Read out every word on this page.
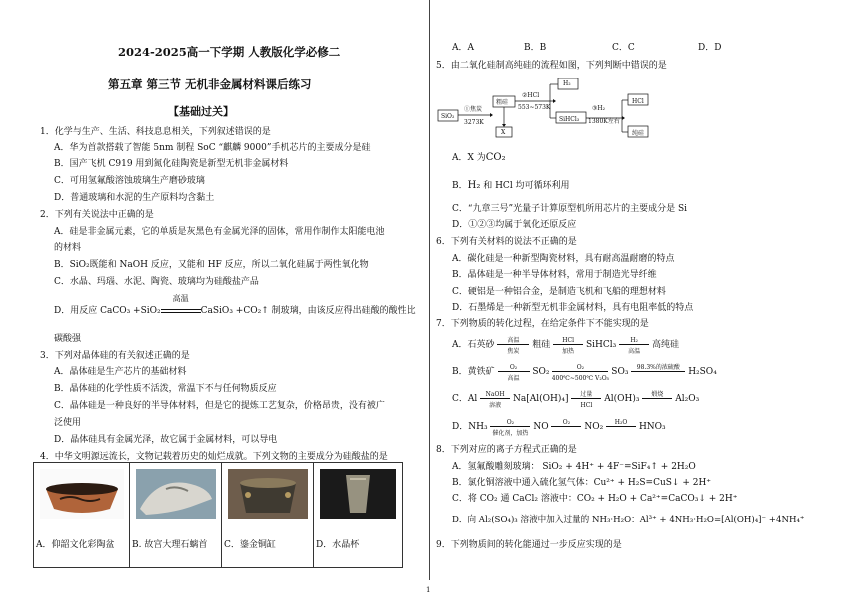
2024-2025高一下学期 人教版化学必修二
第五章 第三节 无机非金属材料课后练习
【基础过关】
1．化学与生产、生活、科技息息相关，下列叙述错误的是
A．华为首款搭载了智能 5nm 制程 SoC “麒麟 9000”手机芯片的主要成分是硅
B．国产飞机 C919 用到氮化硅陶瓷是新型无机非金属材料
C．可用氢氟酸溶蚀玻璃生产磨砂玻璃
D．普通玻璃和水泥的生产原料均含黏土
2．下列有关说法中正确的是
A．硅是非金属元素，它的单质是灰黑色有金属光泽的固体，常用作制作太阳能电池
的材料
B．SiO₂既能和 NaOH 反应，又能和 HF 反应，所以二氧化硅属于两性氧化物
C．水晶、玛瑙、水泥、陶瓷、玻璃均为硅酸盐产品
D．用反应 CaCO₃ +SiO₂
高温
CaSiO₃ +CO₂↑ 制玻璃，由该反应得出硅酸的酸性比
碳酸强
3．下列对晶体硅的有关叙述正确的是
A．晶体硅是生产芯片的基础材料
B．晶体硅的化学性质不活泼，常温下不与任何物质反应
C．晶体硅是一种良好的半导体材料，但是它的提炼工艺复杂，价格昂贵，没有被广
泛使用
D．晶体硅具有金属光泽，故它属于金属材料，可以导电
4．中华文明源远流长，文物记载着历史的灿烂成就。下列文物的主要成分为硅酸盐的是
A．仰韶文化彩陶盆	B. 故宫大理石螭首	C．鎏金铜缸	D．水晶杯
A．A	B．B	C．C	D．D
5．由二氧化硅制高纯硅的流程如图，下列判断中错误的是
SiO₂
①焦炭
3273K
粗硅
X
②HCl
553~573K
H₂
SiHCl₃
③H₂
1380K左右
HCl
纯硅
A．X 为CO₂
B．H₂ 和 HCl 均可循环利用
C．“九章三号”光量子计算原型机所用芯片的主要成分是 Si
D．①②③均属于氧化还原反应
6．下列有关材料的说法不正确的是
A．碳化硅是一种新型陶瓷材料，具有耐高温耐磨的特点
B．晶体硅是一种半导体材料，常用于制造光导纤维
C．硬铝是一种铝合金，是制造飞机和飞船的理想材料
D．石墨烯是一种新型无机非金属材料，具有电阻率低的特点
7．下列物质的转化过程，在给定条件下不能实现的是
A．石英砂	高温
焦炭
粗硅	HCl
加热
SiHCl₃	H₂
高温
高纯硅
B．黄铁矿	O₂
高温
$SO_2 \frac{\text{O₂}}{\text{400℃\textasciitilde{}500℃ V₂O₅}} SO_3$	98.3%的浓硫酸 H₂SO₄
C．Al	NaOH
溶液
Na[Al(OH)₄]	过量
HCl
Al(OH)₃	煅烧	Al₂O₃
D．NH₃	O₂
催化剂，加热
NO	O₂	NO₂	H₂O	HNO₃
8．下列对应的离子方程式正确的是
A．氢氟酸雕刻玻璃： SiO₂ + 4H⁺ + 4F⁻=SiF₄↑ + 2H₂O
B．氯化铜溶液中通入硫化氢气体：Cu²⁺ + H₂S=CuS↓ + 2H⁺
C．将 CO₂ 通 CaCl₂ 溶液中：CO₂ + H₂O + Ca²⁺=CaCO₃↓ + 2H⁺
D．向 Al₂(SO₄)₃ 溶液中加入过量的 NH₃·H₂O：Al³⁺ + 4NH₃·H₂O=[Al(OH)₄]⁻ +4NH₄⁺
9．下列物质间的转化能通过一步反应实现的是
1
